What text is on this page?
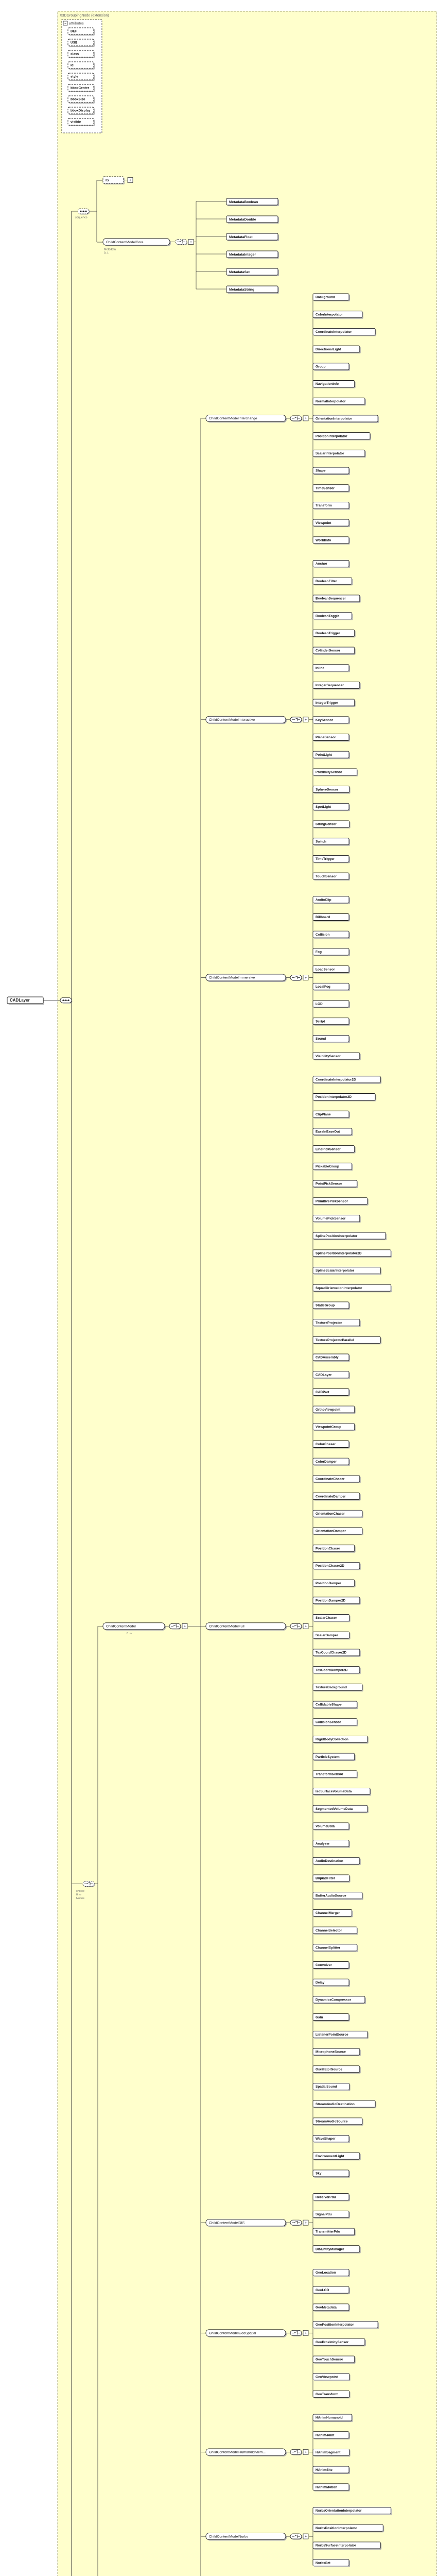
X3DGroupingNode (extension)
− attributes
DEF
USE
class
id
style
bboxCenter
bboxSize
bboxDisplay
visible
CADLayer
sequence
IS	+
ChildContentModelCore
Metadata
0..1
+
MetadataBoolean
MetadataDouble
MetadataFloat
MetadataInteger
MetadataSet
MetadataString
choice
0..∞
Nodes
ChildContentModel
0..∞
+
ChildContentModelInterchange	+
Background
ColorInterpolator
CoordinateInterpolator
DirectionalLight
Group
NavigationInfo
NormalInterpolator
OrientationInterpolator
PositionInterpolator
ScalarInterpolator
Shape
TimeSensor
Transform
Viewpoint
WorldInfo
ChildContentModelInteractive	+
Anchor
BooleanFilter
BooleanSequencer
BooleanToggle
BooleanTrigger
CylinderSensor
Inline
IntegerSequencer
IntegerTrigger
KeySensor
PlaneSensor
PointLight
ProximitySensor
SphereSensor
SpotLight
StringSensor
Switch
TimeTrigger
TouchSensor
ChildContentModelImmersive	+
AudioClip
Billboard
Collision
Fog
LoadSensor
LocalFog
LOD
Script
Sound
VisibilitySensor
ChildContentModelFull	+
CoordinateInterpolator2D
PositionInterpolator2D
ClipPlane
EaseInEaseOut
LinePickSensor
PickableGroup
PointPickSensor
PrimitivePickSensor
VolumePickSensor
SplinePositionInterpolator
SplinePositionInterpolator2D
SplineScalarInterpolator
SquadOrientationInterpolator
StaticGroup
TextureProjector
TextureProjectorParallel
CADAssembly
CADLayer
CADPart
OrthoViewpoint
ViewpointGroup
ColorChaser
ColorDamper
CoordinateChaser
CoordinateDamper
OrientationChaser
OrientationDamper
PositionChaser
PositionChaser2D
PositionDamper
PositionDamper2D
ScalarChaser
ScalarDamper
TexCoordChaser2D
TexCoordDamper2D
TextureBackground
CollidableShape
CollisionSensor
RigidBodyCollection
ParticleSystem
TransformSensor
IsoSurfaceVolumeData
SegmentedVolumeData
VolumeData
Analyser
AudioDestination
BiquadFilter
BufferAudioSource
ChannelMerger
ChannelSelector
ChannelSplitter
Convolver
Delay
DynamicsCompressor
Gain
ListenerPointSource
MicrophoneSource
OscillatorSource
SpatialSound
StreamAudioDestination
StreamAudioSource
WaveShaper
EnvironmentLight
Sky
ChildContentModelDIS	+
ReceiverPdu
SignalPdu
TransmitterPdu
DISEntityManager
ChildContentModelGeoSpatial	+
GeoLocation
GeoLOD
GeoMetadata
GeoPositionInterpolator
GeoProximitySensor
GeoTouchSensor
GeoViewpoint
GeoTransform
ChildContentModelHumanoidAnim...	+
HAnimHumanoid
HAnimJoint
HAnimSegment
HAnimSite
HAnimMotion
ChildContentModelNurbs	+
NurbsOrientationInterpolator
NurbsPositionInterpolator
NurbsSurfaceInterpolator
NurbsSet
